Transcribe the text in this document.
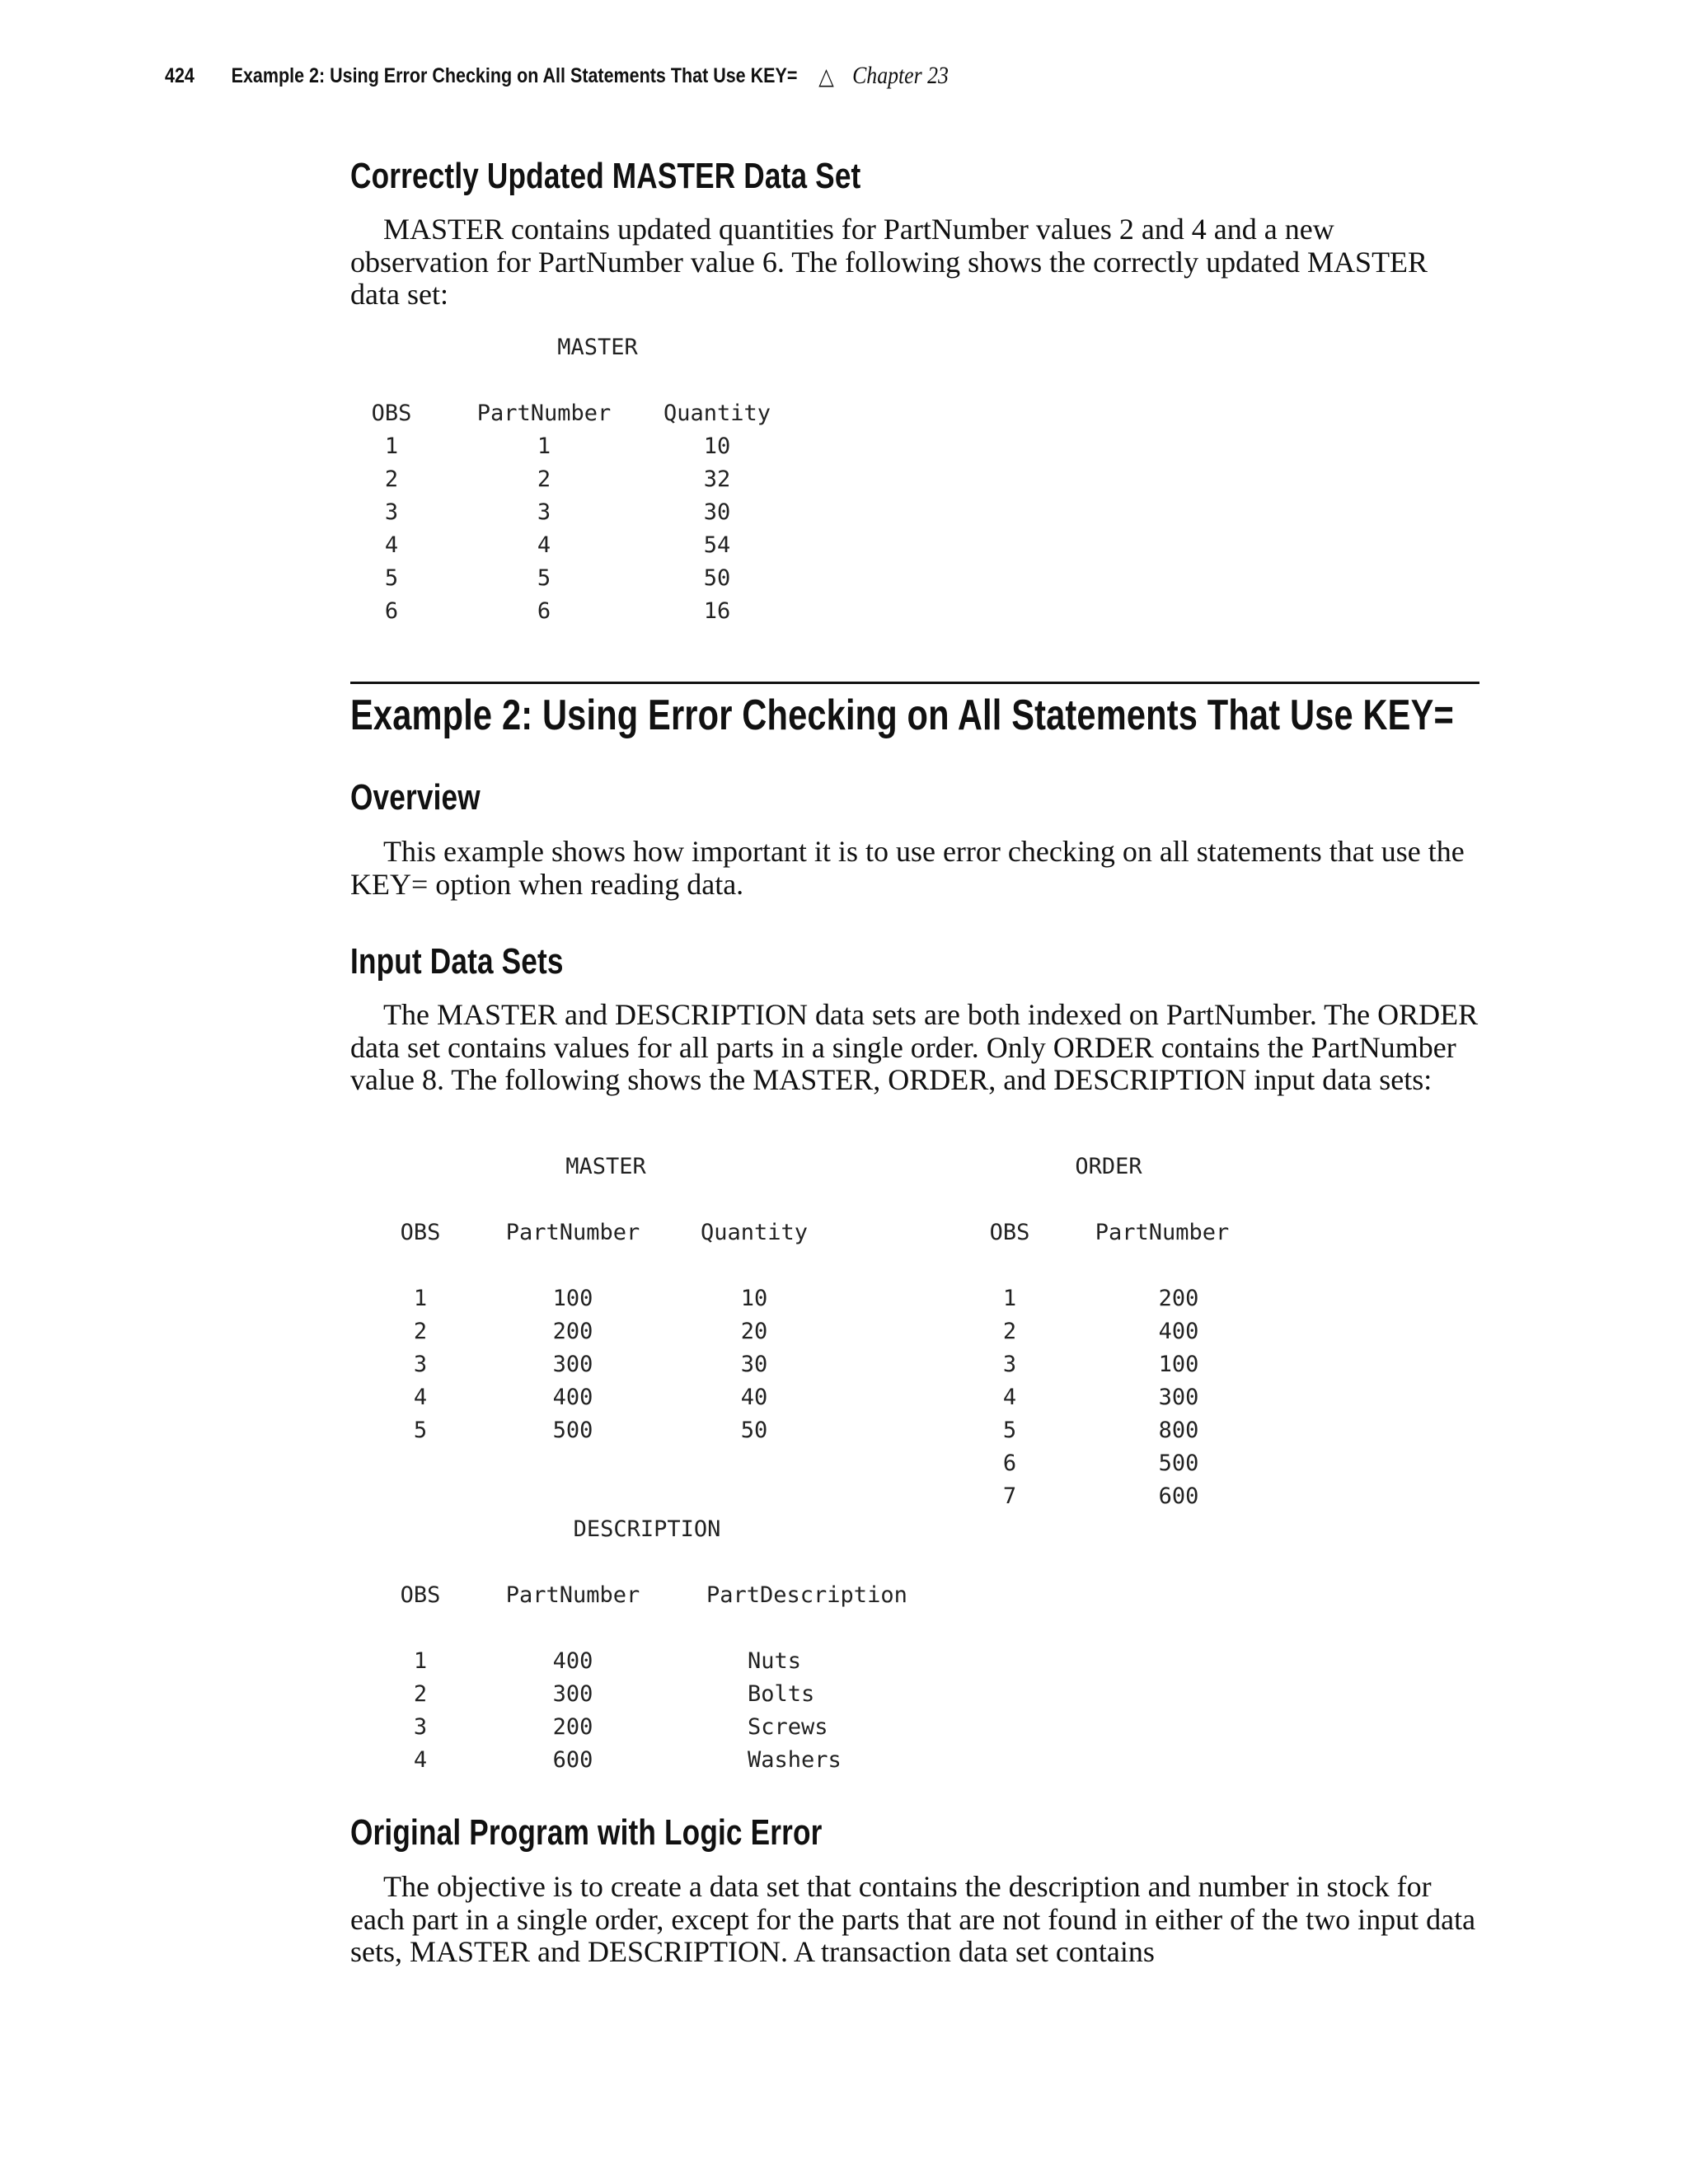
424 Example 2: Using Error Checking on All Statements That Use KEY= △ Chapter 23
Correctly Updated MASTER Data Set

MASTER contains updated quantities for PartNumber values 2 and 4 and a new observation for PartNumber value 6. The following shows the correctly updated MASTER data set:

MASTER
OBS	PartNumber	Quantity
1	1	10
2	2	32
3	3	30
4	4	54
5	5	50
6	6	16
Example 2: Using Error Checking on All Statements That Use KEY=
Overview

This example shows how important it is to use error checking on all statements that use the KEY= option when reading data.

Input Data Sets

The MASTER and DESCRIPTION data sets are both indexed on PartNumber. The ORDER data set contains values for all parts in a single order. Only ORDER contains the PartNumber value 8. The following shows the MASTER, ORDER, and DESCRIPTION input data sets:

MASTER
OBS	PartNumber	Quantity
1	100	10
2	200	20
3	300	30
4	400	40
5	500	50
ORDER
OBS	PartNumber
1	200
2	400
3	100
4	300
5	800
6	500
7	600
DESCRIPTION
OBS	PartNumber	PartDescription
1	400	Nuts
2	300	Bolts
3	200	Screws
4	600	Washers
Original Program with Logic Error

The objective is to create a data set that contains the description and number in stock for each part in a single order, except for the parts that are not found in either of the two input data sets, MASTER and DESCRIPTION. A transaction data set contains
